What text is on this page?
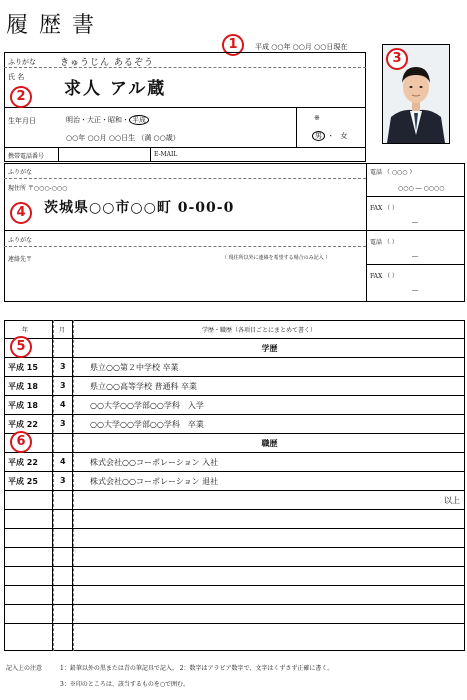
履 歴 書
1	平成 ○○年 ○○月 ○○日現在
3
ふりがな	きゅうじん あるぞう
氏 名
2	求人 アル蔵
生年月日	明治・大正・昭和・ 平成
○○年 ○○月 ○○日生 （満 ○○歳）
※
男 ・ 女
携帯電話番号	E-MAIL
ふりがな
現住所 〒○○○-○○○
4	茨城県○○市○○町 0-00-0
電話 （ ○○○ ）
○○○ ― ○○○○
FAX （ ）
―
ふりがな
連絡先〒	（ 現住所以外に連絡を希望する場合のみ記入 ）
電話 （ ）
―
FAX （ ）
―
年	月	学歴・職歴（各項目ごとにまとめて書く）
学歴
平成 15	3	県立○○第２中学校 卒業
平成 18	3	県立○○高等学校 普通科 卒業
平成 18	4	○○大学○○学部○○学科　入学
平成 22	3	○○大学○○学部○○学科　卒業
職歴
平成 22	4	株式会社○○コーポレーション 入社
平成 25	3	株式会社○○コーポレーション 退社
以上
5
6
記入上の注意	1：鉛筆以外の黒または青の筆記具で記入。 2：数字はアラビア数字で、文字はくずさず正確に書く。
3：※印のところは、該当するものを○で囲む。
